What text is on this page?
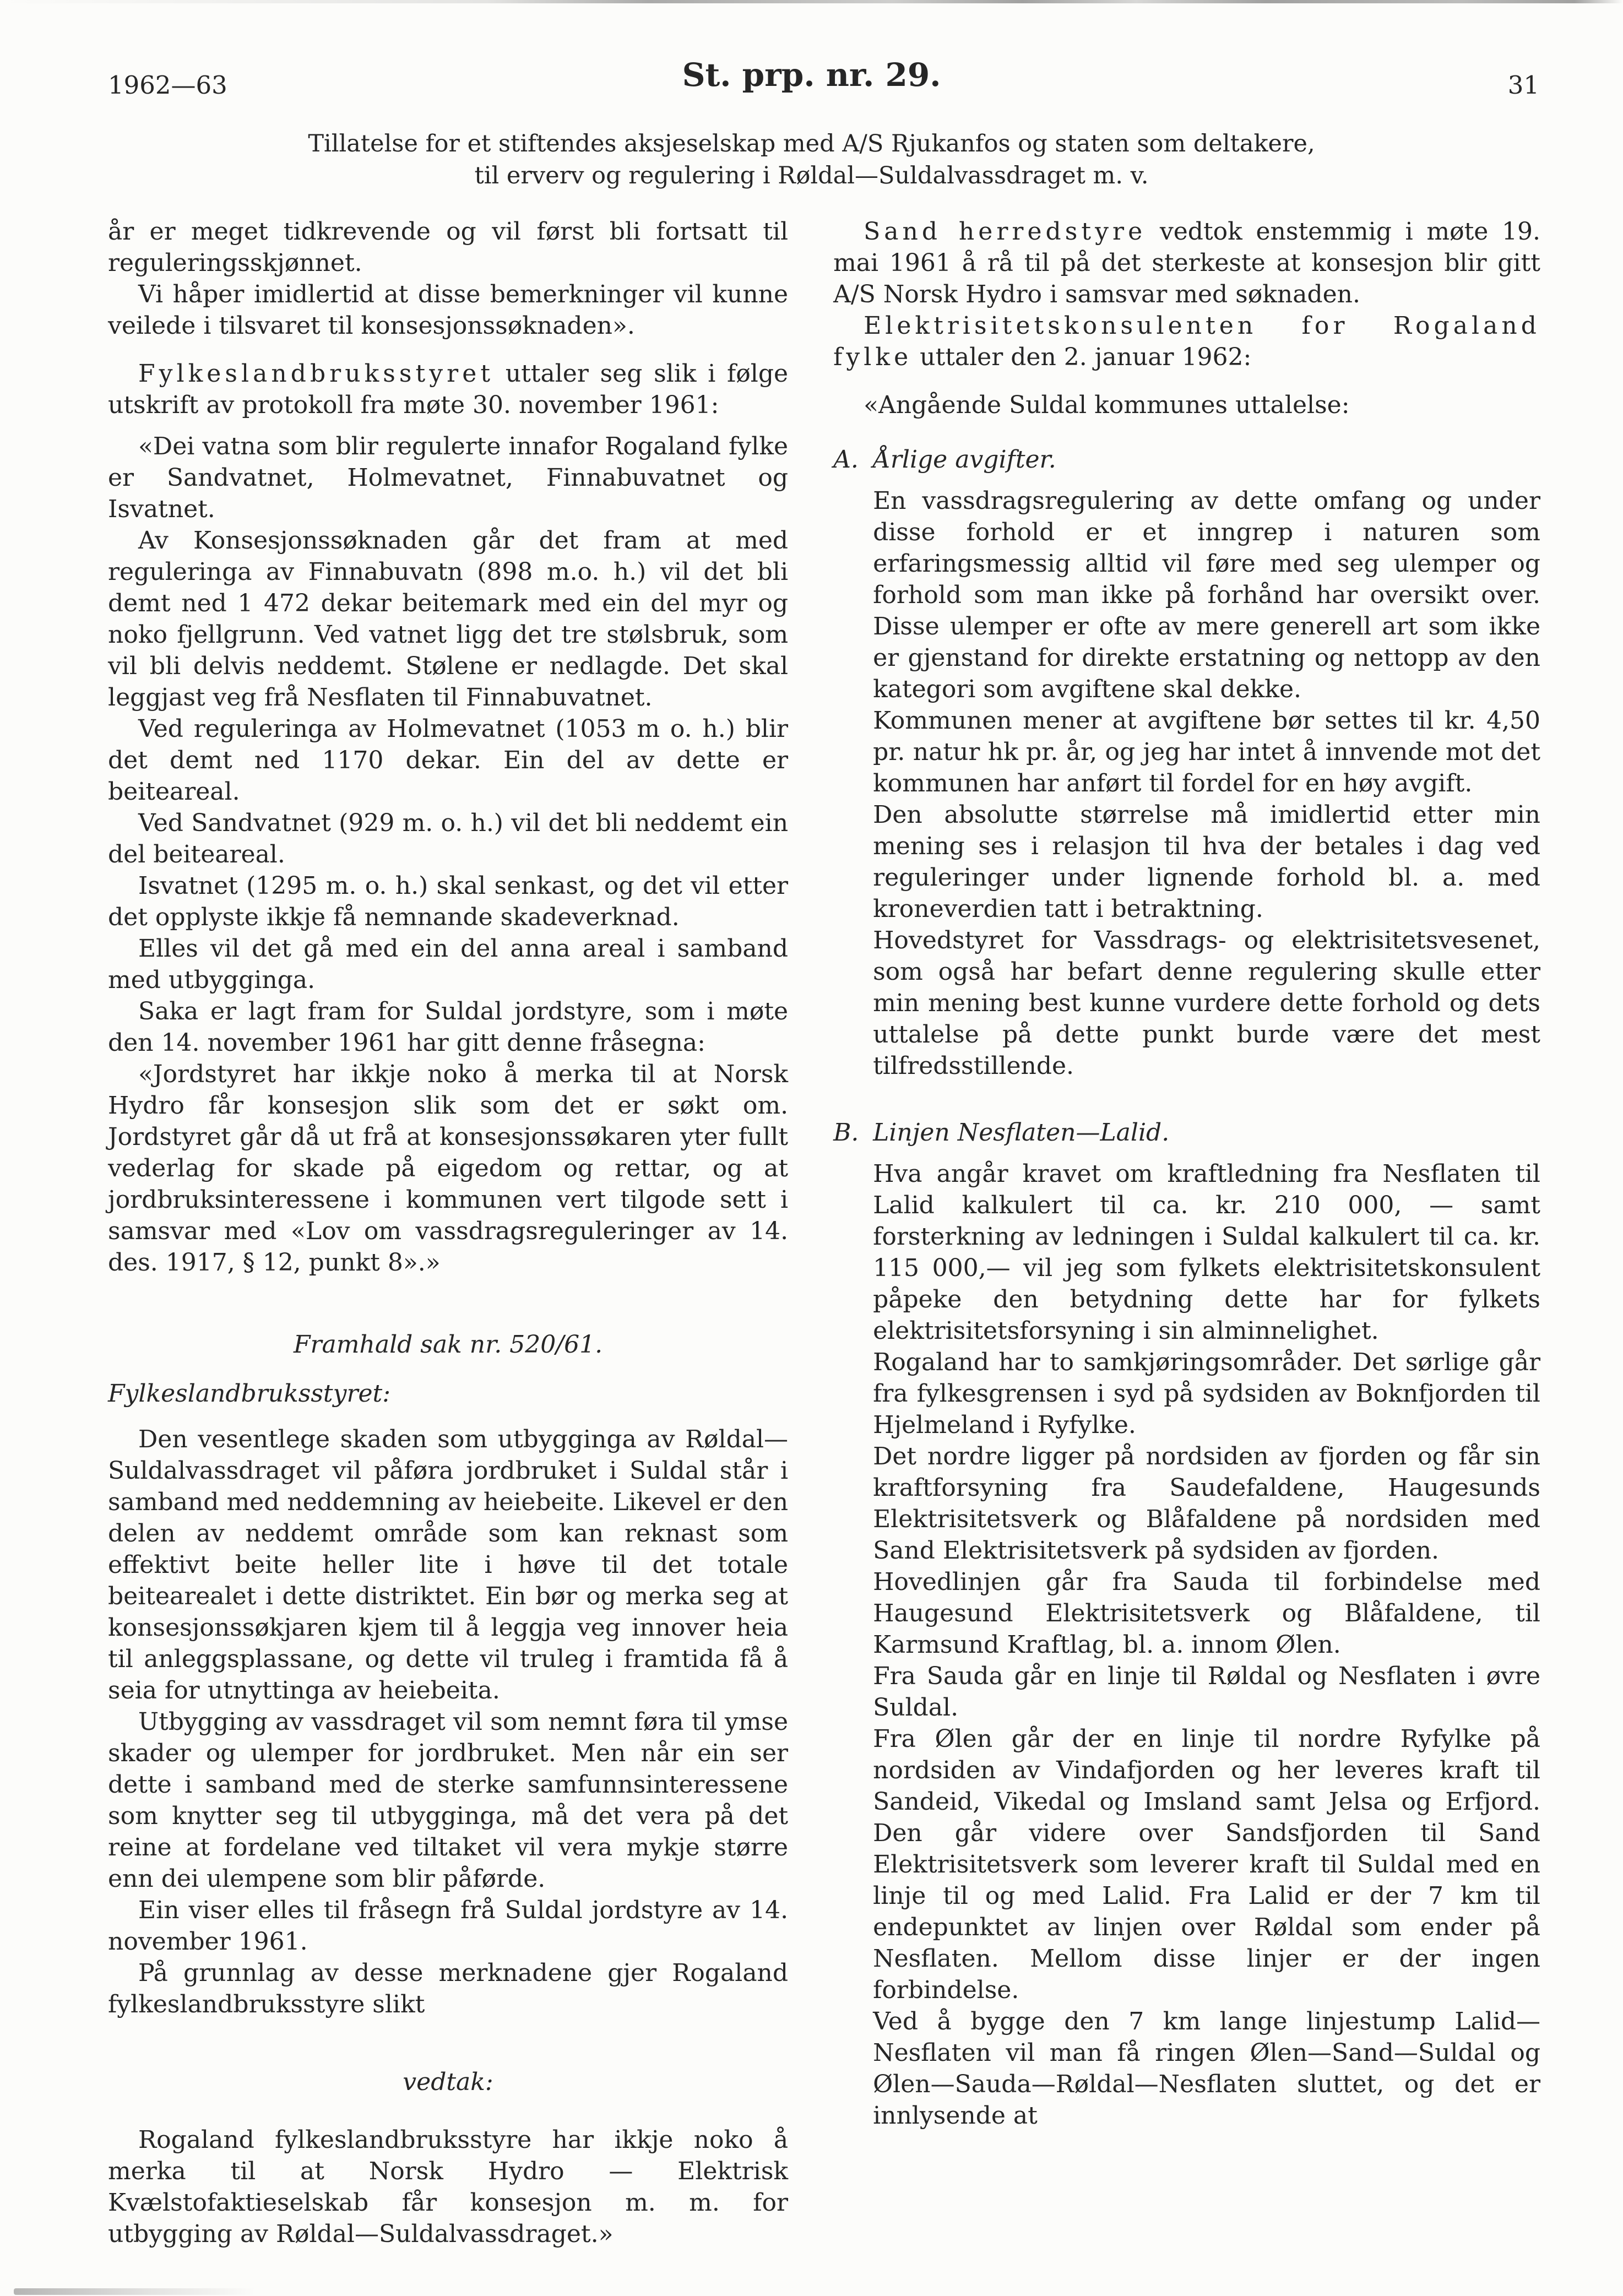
1962—63	St. prp. nr. 29.	31
Tillatelse for et stiftendes aksjeselskap med A/S Rjukanfos og staten som deltakere,
til erverv og regulering i Røldal—Suldalvassdraget m. v.

år er meget tidkrevende og vil først bli fortsatt til reguleringsskjønnet.

Vi håper imidlertid at disse bemerkninger vil kunne veilede i tilsvaret til konsesjonssøknaden».

Fylkeslandbruksstyret uttaler seg slik i følge utskrift av protokoll fra møte 30. november 1961:

«Dei vatna som blir regulerte innafor Rogaland fylke er Sandvatnet, Holmevatnet, Finnabuvatnet og Isvatnet.

Av Konsesjonssøknaden går det fram at med reguleringa av Finnabuvatn (898 m.o. h.) vil det bli demt ned 1 472 dekar beitemark med ein del myr og noko fjellgrunn. Ved vatnet ligg det tre stølsbruk, som vil bli delvis neddemt. Stølene er nedlagde. Det skal leggjast veg frå Nesflaten til Finnabuvatnet.

Ved reguleringa av Holmevatnet (1053 m o. h.) blir det demt ned 1170 dekar. Ein del av dette er beiteareal.

Ved Sandvatnet (929 m. o. h.) vil det bli neddemt ein del beiteareal.

Isvatnet (1295 m. o. h.) skal senkast, og det vil etter det opplyste ikkje få nemnande skadeverknad.

Elles vil det gå med ein del anna areal i samband med utbygginga.

Saka er lagt fram for Suldal jordstyre, som i møte den 14. november 1961 har gitt denne fråsegna:

«Jordstyret har ikkje noko å merka til at Norsk Hydro får konsesjon slik som det er søkt om. Jordstyret går då ut frå at konsesjonssøkaren yter fullt vederlag for skade på eigedom og rettar, og at jordbruksinteressene i kommunen vert tilgode sett i samsvar med «Lov om vassdragsreguleringer av 14. des. 1917, § 12, punkt 8».»

Framhald sak nr. 520/61.

Fylkeslandbruksstyret:

Den vesentlege skaden som utbygginga av Røldal—Suldalvassdraget vil påføra jordbruket i Suldal står i samband med neddemning av heiebeite. Likevel er den delen av neddemt område som kan reknast som effektivt beite heller lite i høve til det totale beitearealet i dette distriktet. Ein bør og merka seg at konsesjonssøkjaren kjem til å leggja veg innover heia til anleggsplassane, og dette vil truleg i framtida få å seia for utnyttinga av heiebeita.

Utbygging av vassdraget vil som nemnt føra til ymse skader og ulemper for jordbruket. Men når ein ser dette i samband med de sterke samfunnsinteressene som knytter seg til utbygginga, må det vera på det reine at fordelane ved tiltaket vil vera mykje større enn dei ulempene som blir påførde.

Ein viser elles til fråsegn frå Suldal jordstyre av 14. november 1961.

På grunnlag av desse merknadene gjer Rogaland fylkeslandbruksstyre slikt

vedtak:

Rogaland fylkeslandbruksstyre har ikkje noko å merka til at Norsk Hydro — Elektrisk Kvælstofaktieselskab får konsesjon m. m. for utbygging av Røldal—Suldalvassdraget.»

Sand herredstyre vedtok enstemmig i møte 19. mai 1961 å rå til på det sterkeste at konsesjon blir gitt A/S Norsk Hydro i samsvar med søknaden.

Elektrisitetskonsulenten for Rogaland fylke uttaler den 2. januar 1962:

«Angående Suldal kommunes uttalelse:

A. Årlige avgifter.

En vassdragsregulering av dette omfang og under disse forhold er et inngrep i naturen som erfaringsmessig alltid vil føre med seg ulemper og forhold som man ikke på forhånd har oversikt over. Disse ulemper er ofte av mere generell art som ikke er gjenstand for direkte erstatning og nettopp av den kategori som avgiftene skal dekke.

Kommunen mener at avgiftene bør settes til kr. 4,50 pr. natur hk pr. år, og jeg har intet å innvende mot det kommunen har anført til fordel for en høy avgift.

Den absolutte størrelse må imidlertid etter min mening ses i relasjon til hva der betales i dag ved reguleringer under lignende forhold bl. a. med kroneverdien tatt i betraktning.

Hovedstyret for Vassdrags- og elektrisitetsvesenet, som også har befart denne regulering skulle etter min mening best kunne vurdere dette forhold og dets uttalelse på dette punkt burde være det mest tilfredsstillende.

B. Linjen Nesflaten—Lalid.

Hva angår kravet om kraftledning fra Nesflaten til Lalid kalkulert til ca. kr. 210 000, — samt forsterkning av ledningen i Suldal kalkulert til ca. kr. 115 000,— vil jeg som fylkets elektrisitetskonsulent påpeke den betydning dette har for fylkets elektrisitetsforsyning i sin alminnelighet.

Rogaland har to samkjøringsområder. Det sørlige går fra fylkesgrensen i syd på sydsiden av Boknfjorden til Hjelmeland i Ryfylke.

Det nordre ligger på nordsiden av fjorden og får sin kraftforsyning fra Saudefaldene, Haugesunds Elektrisitetsverk og Blåfaldene på nordsiden med Sand Elektrisitetsverk på sydsiden av fjorden.

Hovedlinjen går fra Sauda til forbindelse med Haugesund Elektrisitetsverk og Blåfaldene, til Karmsund Kraftlag, bl. a. innom Ølen.

Fra Sauda går en linje til Røldal og Nesflaten i øvre Suldal.

Fra Ølen går der en linje til nordre Ryfylke på nordsiden av Vindafjorden og her leveres kraft til Sandeid, Vikedal og Imsland samt Jelsa og Erfjord. Den går videre over Sandsfjorden til Sand Elektrisitetsverk som leverer kraft til Suldal med en linje til og med Lalid. Fra Lalid er der 7 km til endepunktet av linjen over Røldal som ender på Nesflaten. Mellom disse linjer er der ingen forbindelse.

Ved å bygge den 7 km lange linjestump Lalid—Nesflaten vil man få ringen Ølen—Sand—Suldal og Ølen—Sauda—Røldal—Nesflaten sluttet, og det er innlysende at
